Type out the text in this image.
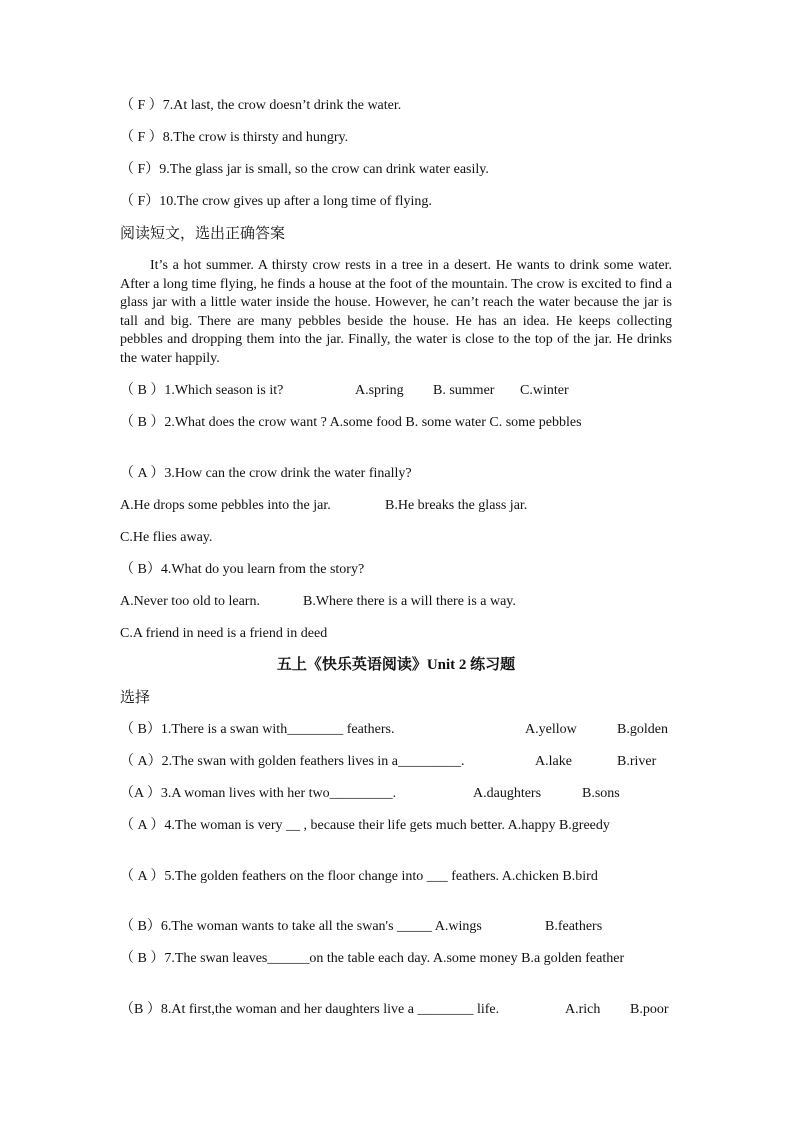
（ F ）7.At last, the crow doesn’t drink the water.
（ F ）8.The crow is thirsty and hungry.
（ F）9.The glass jar is small, so the crow can drink water easily.
（ F）10.The crow gives up after a long time of flying.
阅读短文，选出正确答案
It’s a hot summer. A thirsty crow rests in a tree in a desert. He wants to drink some water. After a long time flying, he finds a house at the foot of the mountain. The crow is excited to find a glass jar with a little water inside the house. However, he can’t reach the water because the jar is tall and big. There are many pebbles beside the house. He has an idea. He keeps collecting pebbles and dropping them into the jar. Finally, the water is close to the top of the jar. He drinks the water happily.
（ B ）1.Which season is it?	A.spring B. summer C.winter
（ B ）2.What does the crow want ? A.some food B. some water C. some pebbles
（ A ）3.How can the crow drink the water finally?
A.He drops some pebbles into the jar.	B.He breaks the glass jar.
C.He flies away.
（ B）4.What do you learn from the story?
A.Never too old to learn.	B.Where there is a will there is a way.
C.A friend in need is a friend in deed
五上《快乐英语阅读》Unit 2 练习题
选择
（ B）1.There is a swan with________ feathers.	A.yellow	B.golden
（ A）2.The swan with golden feathers lives in a_________.	A.lake	B.river
（A ）3.A woman lives with her two_________.	A.daughters	B.sons
（ A ）4.The woman is very __ , because their life gets much better. A.happy B.greedy
（ A ）5.The golden feathers on the floor change into ___ feathers. A.chicken B.bird
（ B）6.The woman wants to take all the swan's _____ A.wings	B.feathers
（ B ）7.The swan leaves______on the table each day. A.some money B.a golden feather
（B ）8.At first,the woman and her daughters live a ________ life.	A.rich B.poor
